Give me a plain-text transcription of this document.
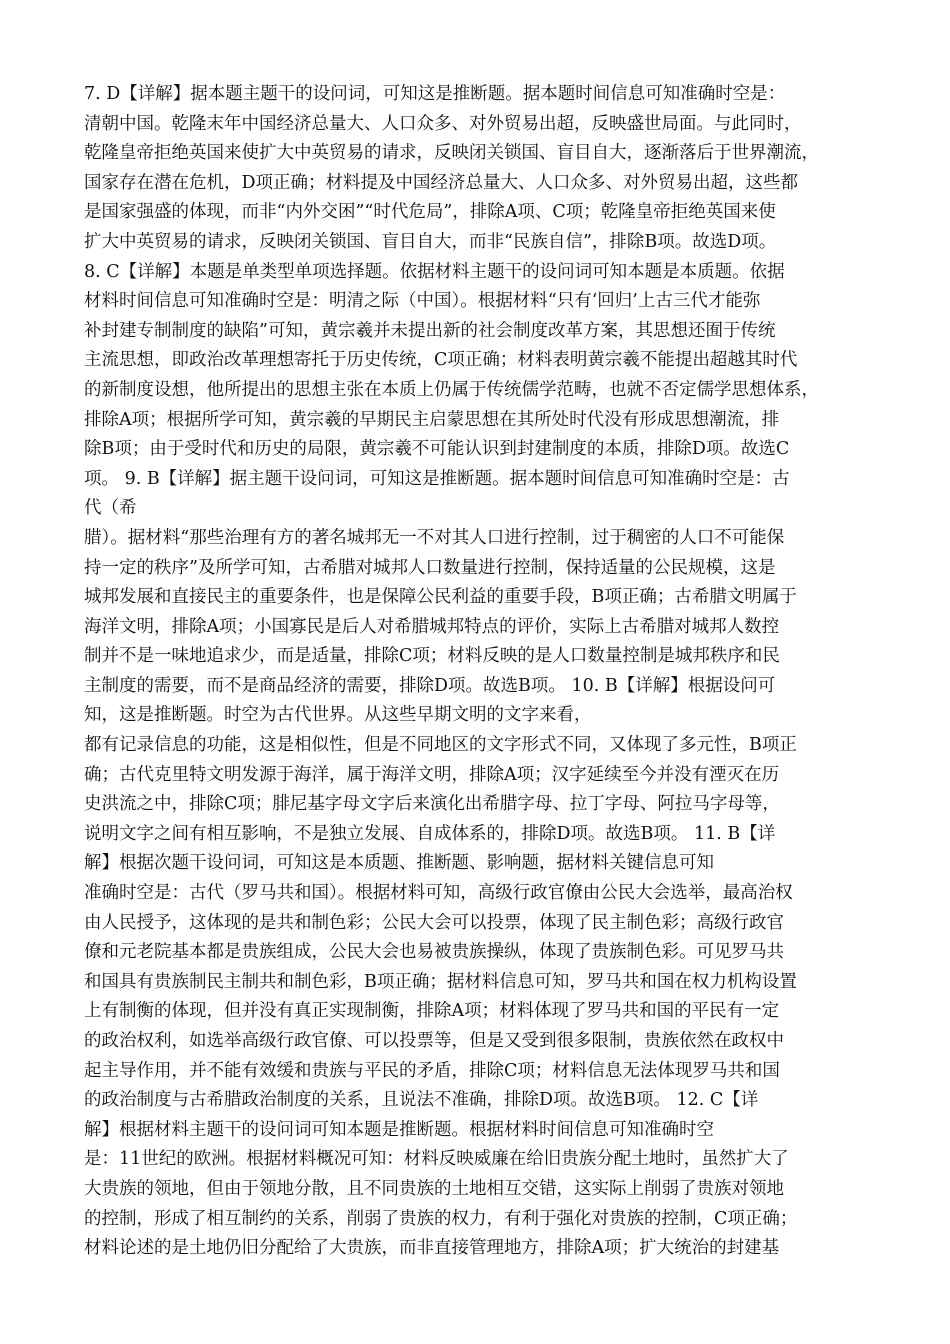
7. D【详解】据本题主题干的设问词，可知这是推断题。据本题时间信息可知准确时空是：
清朝中国。乾隆末年中国经济总量大、人口众多、对外贸易出超，反映盛世局面。与此同时，
乾隆皇帝拒绝英国来使扩大中英贸易的请求，反映闭关锁国、盲目自大，逐渐落后于世界潮流，
国家存在潜在危机，D项正确；材料提及中国经济总量大、人口众多、对外贸易出超，这些都
是国家强盛的体现，而非“内外交困”“时代危局”，排除A项、C项；乾隆皇帝拒绝英国来使
扩大中英贸易的请求，反映闭关锁国、盲目自大，而非“民族自信”，排除B项。故选D项。
8. C【详解】本题是单类型单项选择题。依据材料主题干的设问词可知本题是本质题。依据
材料时间信息可知准确时空是：明清之际（中国）。根据材料“只有‘回归’上古三代才能弥
补封建专制制度的缺陷”可知，黄宗羲并未提出新的社会制度改革方案，其思想还囿于传统
主流思想，即政治改革理想寄托于历史传统，C项正确；材料表明黄宗羲不能提出超越其时代
的新制度设想，他所提出的思想主张在本质上仍属于传统儒学范畴，也就不否定儒学思想体系，
排除A项；根据所学可知，黄宗羲的早期民主启蒙思想在其所处时代没有形成思想潮流，排
除B项；由于受时代和历史的局限，黄宗羲不可能认识到封建制度的本质，排除D项。故选C
项。 9. B【详解】据主题干设问词，可知这是推断题。据本题时间信息可知准确时空是：古
代（希
腊）。据材料“那些治理有方的著名城邦无一不对其人口进行控制，过于稠密的人口不可能保
持一定的秩序”及所学可知，古希腊对城邦人口数量进行控制，保持适量的公民规模，这是
城邦发展和直接民主的重要条件，也是保障公民利益的重要手段，B项正确；古希腊文明属于
海洋文明，排除A项；小国寡民是后人对希腊城邦特点的评价，实际上古希腊对城邦人数控
制并不是一味地追求少，而是适量，排除C项；材料反映的是人口数量控制是城邦秩序和民
主制度的需要，而不是商品经济的需要，排除D项。故选B项。 10. B【详解】根据设问可
知，这是推断题。时空为古代世界。从这些早期文明的文字来看，
都有记录信息的功能，这是相似性，但是不同地区的文字形式不同，又体现了多元性，B项正
确；古代克里特文明发源于海洋，属于海洋文明，排除A项；汉字延续至今并没有湮灭在历
史洪流之中，排除C项；腓尼基字母文字后来演化出希腊字母、拉丁字母、阿拉马字母等，
说明文字之间有相互影响，不是独立发展、自成体系的，排除D项。故选B项。 11. B【详
解】根据次题干设问词，可知这是本质题、推断题、影响题，据材料关键信息可知
准确时空是：古代（罗马共和国）。根据材料可知，高级行政官僚由公民大会选举，最高治权
由人民授予，这体现的是共和制色彩；公民大会可以投票，体现了民主制色彩；高级行政官
僚和元老院基本都是贵族组成，公民大会也易被贵族操纵，体现了贵族制色彩。可见罗马共
和国具有贵族制民主制共和制色彩，B项正确；据材料信息可知，罗马共和国在权力机构设置
上有制衡的体现，但并没有真正实现制衡，排除A项；材料体现了罗马共和国的平民有一定
的政治权利，如选举高级行政官僚、可以投票等，但是又受到很多限制，贵族依然在政权中
起主导作用，并不能有效缓和贵族与平民的矛盾，排除C项；材料信息无法体现罗马共和国
的政治制度与古希腊政治制度的关系，且说法不准确，排除D项。故选B项。 12. C【详
解】根据材料主题干的设问词可知本题是推断题。根据材料时间信息可知准确时空
是：11世纪的欧洲。根据材料概况可知：材料反映威廉在给旧贵族分配土地时，虽然扩大了
大贵族的领地，但由于领地分散，且不同贵族的土地相互交错，这实际上削弱了贵族对领地
的控制，形成了相互制约的关系，削弱了贵族的权力，有利于强化对贵族的控制，C项正确；
材料论述的是土地仍旧分配给了大贵族，而非直接管理地方，排除A项；扩大统治的封建基
